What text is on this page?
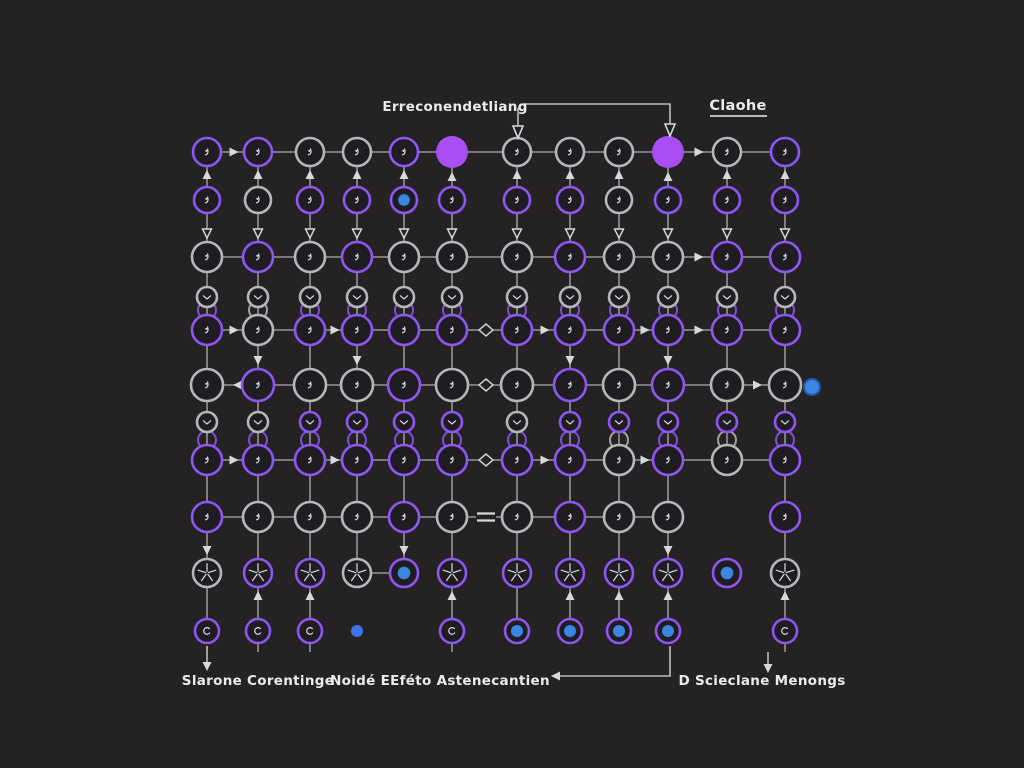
Erreconendetliang	Claohe
Slarone Corentinge
Noidé EEféto Astenecantien	D Scieclane Menongs
